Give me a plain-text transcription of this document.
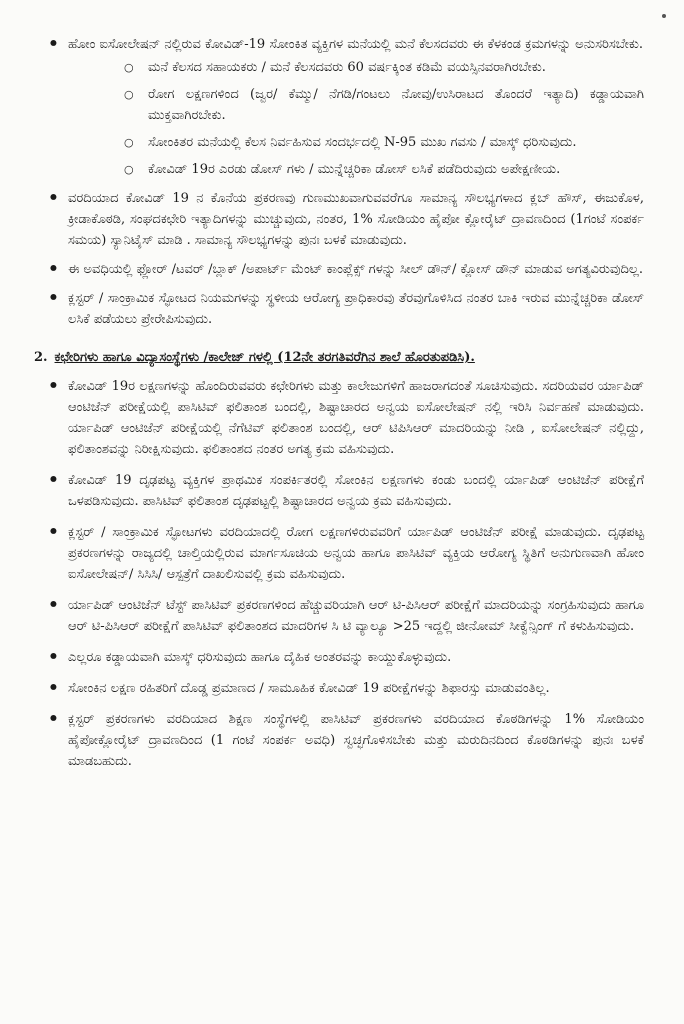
• ಹೋಂ ಐಸೋಲೇಷನ್ ನಲ್ಲಿರುವ ಕೋವಿಡ್-19 ಸೋಂಕಿತ ವ್ಯಕ್ತಿಗಳ ಮನೆಯಲ್ಲಿ ಮನೆ ಕೆಲಸದವರು ಈ ಕೆಳಕಂಡ ಕ್ರಮಗಳನ್ನು ಅನುಸರಿಸಬೇಕು.
○ ಮನೆ ಕೆಲಸದ ಸಹಾಯಕರು / ಮನೆ ಕೆಲಸದವರು 60 ವರ್ಷಕ್ಕಿಂತ ಕಡಿಮೆ ವಯಸ್ಸಿನವರಾಗಿರಬೇಕು.
○ ರೋಗ ಲಕ್ಷಣಗಳಿಂದ (ಜ್ವರ/ ಕೆಮ್ಮು/ ನೆಗಡಿ/ಗಂಟಲು ನೋವು/ಉಸಿರಾಟದ ತೊಂದರೆ ಇತ್ಯಾದಿ) ಕಡ್ಡಾಯವಾಗಿ ಮುಕ್ತವಾಗಿರಬೇಕು.
○ ಸೋಂಕಿತರ ಮನೆಯಲ್ಲಿ ಕೆಲಸ ನಿರ್ವಹಿಸುವ ಸಂದರ್ಭದಲ್ಲಿ N-95 ಮುಖ ಗವಸು / ಮಾಸ್ಕ್ ಧರಿಸುವುದು.
○ ಕೋವಿಡ್ 19ರ ಎರಡು ಡೋಸ್ ಗಳು / ಮುನ್ನೆಚ್ಚರಿಕಾ ಡೋಸ್ ಲಸಿಕೆ ಪಡೆದಿರುವುದು ಅಪೇಕ್ಷಣೀಯ.
• ವರದಿಯಾದ ಕೋವಿಡ್ 19 ನ ಕೊನೆಯ ಪ್ರಕರಣವು ಗುಣಮುಖವಾಗುವವರೆಗೂ ಸಾಮಾನ್ಯ ಸೌಲಭ್ಯಗಳಾದ ಕ್ಲಬ್ ಹೌಸ್, ಈಜುಕೊಳ, ಕ್ರೀಡಾಕೊಠಡಿ, ಸಂಘದಕಛೇರಿ ಇತ್ಯಾದಿಗಳನ್ನು ಮುಚ್ಚುವುದು, ನಂತರ, 1% ಸೋಡಿಯಂ ಹೈಪೋ ಕ್ಲೋರೈಟ್ ದ್ರಾವಣದಿಂದ (1ಗಂಟೆ ಸಂಪರ್ಕ ಸಮಯ) ಸ್ಯಾನಿಟೈಸ್ ಮಾಡಿ . ಸಾಮಾನ್ಯ ಸೌಲಭ್ಯಗಳನ್ನು ಪುನಃ ಬಳಕೆ ಮಾಡುವುದು.
• ಈ ಅವಧಿಯಲ್ಲಿ ಫ್ಲೋರ್ /ಟವರ್ /ಬ್ಲಾಕ್ /ಅಪಾರ್ಟ್ ಮೆಂಟ್ ಕಾಂಪ್ಲೆಕ್ಸ್ ಗಳನ್ನು ಸೀಲ್ ಡೌನ್/ ಕ್ಲೋಸ್ ಡೌನ್ ಮಾಡುವ ಅಗತ್ಯವಿರುವುದಿಲ್ಲ.
• ಕ್ಲಸ್ಟರ್ / ಸಾಂಕ್ರಾಮಿಕ ಸ್ಫೋಟದ ನಿಯಮಗಳನ್ನು ಸ್ಥಳೀಯ ಆರೋಗ್ಯ ಪ್ರಾಧಿಕಾರವು ತೆರವುಗೊಳಿಸಿದ ನಂತರ ಬಾಕಿ ಇರುವ ಮುನ್ನೆಚ್ಚರಿಕಾ ಡೋಸ್ ಲಸಿಕೆ ಪಡೆಯಲು ಪ್ರೇರೇಪಿಸುವುದು.
2. ಕಛೇರಿಗಳು ಹಾಗೂ ವಿದ್ಯಾಸಂಸ್ಥೆಗಳು /ಕಾಲೇಜ್ ಗಳಲ್ಲಿ (12ನೇ ತರಗತಿವರೆಗಿನ ಶಾಲೆ ಹೊರತುಪಡಿಸಿ).
• ಕೋವಿಡ್ 19ರ ಲಕ್ಷಣಗಳನ್ನು ಹೊಂದಿರುವವರು ಕಛೇರಿಗಳು ಮತ್ತು ಕಾಲೇಜುಗಳಿಗೆ ಹಾಜರಾಗದಂತೆ ಸೂಚಿಸುವುದು. ಸದರಿಯವರ ರ್ಯಾಪಿಡ್ ಆಂಟಿಜೆನ್ ಪರೀಕ್ಷೆಯಲ್ಲಿ ಪಾಸಿಟಿವ್ ಫಲಿತಾಂಶ ಬಂದಲ್ಲಿ, ಶಿಷ್ಟಾಚಾರದ ಅನ್ವಯ ಐಸೋಲೇಷನ್ ನಲ್ಲಿ ಇರಿಸಿ ನಿರ್ವಹಣೆ ಮಾಡುವುದು. ರ್ಯಾಪಿಡ್ ಆಂಟಿಜೆನ್ ಪರೀಕ್ಷೆಯಲ್ಲಿ ನೆಗೆಟಿವ್ ಫಲಿತಾಂಶ ಬಂದಲ್ಲಿ, ಆರ್ ಟಿಪಿಸಿಆರ್ ಮಾದರಿಯನ್ನು ನೀಡಿ , ಐಸೋಲೇಷನ್ ನಲ್ಲಿದ್ದು, ಫಲಿತಾಂಶವನ್ನು ನಿರೀಕ್ಷಿಸುವುದು. ಫಲಿತಾಂಶದ ನಂತರ ಅಗತ್ಯ ಕ್ರಮ ವಹಿಸುವುದು.
• ಕೋವಿಡ್ 19 ದೃಢಪಟ್ಟ ವ್ಯಕ್ತಿಗಳ ಪ್ರಾಥಮಿಕ ಸಂಪರ್ಕಿತರಲ್ಲಿ ಸೋಂಕಿನ ಲಕ್ಷಣಗಳು ಕಂಡು ಬಂದಲ್ಲಿ ರ್ಯಾಪಿಡ್ ಆಂಟಿಜೆನ್ ಪರೀಕ್ಷೆಗೆ ಒಳಪಡಿಸುವುದು. ಪಾಸಿಟಿವ್ ಫಲಿತಾಂಶ ದೃಢಪಟ್ಟಲ್ಲಿ ಶಿಷ್ಟಾಚಾರದ ಅನ್ವಯ ಕ್ರಮ ವಹಿಸುವುದು.
• ಕ್ಲಸ್ಟರ್ / ಸಾಂಕ್ರಾಮಿಕ ಸ್ಫೋಟಗಳು ವರದಿಯಾದಲ್ಲಿ ರೋಗ ಲಕ್ಷಣಗಳಿರುವವರಿಗೆ ರ್ಯಾಪಿಡ್ ಆಂಟಿಜೆನ್ ಪರೀಕ್ಷೆ ಮಾಡುವುದು. ದೃಢಪಟ್ಟ ಪ್ರಕರಣಗಳನ್ನು ರಾಜ್ಯದಲ್ಲಿ ಚಾಲ್ತಿಯಲ್ಲಿರುವ ಮಾರ್ಗಸೂಚಿಯ ಅನ್ವಯ ಹಾಗೂ ಪಾಸಿಟಿವ್ ವ್ಯಕ್ತಿಯ ಆರೋಗ್ಯ ಸ್ಥಿತಿಗೆ ಅನುಗುಣವಾಗಿ ಹೋಂ ಐಸೋಲೇಷನ್/ ಸಿಸಿಸಿ/ ಆಸ್ಪತ್ರೆಗೆ ದಾಖಲಿಸುವಲ್ಲಿ ಕ್ರಮ ವಹಿಸುವುದು.
• ರ್ಯಾಪಿಡ್ ಆಂಟಿಜೆನ್ ಟೆಸ್ಟ್ ಪಾಸಿಟಿವ್ ಪ್ರಕರಣಗಳಿಂದ ಹೆಚ್ಚುವರಿಯಾಗಿ ಆರ್ ಟಿ-ಪಿಸಿಆರ್ ಪರೀಕ್ಷೆಗೆ ಮಾದರಿಯನ್ನು ಸಂಗ್ರಹಿಸುವುದು ಹಾಗೂ ಆರ್ ಟಿ-ಪಿಸಿಆರ್ ಪರೀಕ್ಷೆಗೆ ಪಾಸಿಟಿವ್ ಫಲಿತಾಂಶದ ಮಾದರಿಗಳ ಸಿ ಟಿ ವ್ಯಾಲ್ಯೂ >25 ಇದ್ದಲ್ಲಿ ಜೀನೋಮ್ ಸೀಕ್ವೆನ್ಸಿಂಗ್ ಗೆ ಕಳುಹಿಸುವುದು.
• ಎಲ್ಲರೂ ಕಡ್ಡಾಯವಾಗಿ ಮಾಸ್ಕ್ ಧರಿಸುವುದು ಹಾಗೂ ದೈಹಿಕ ಅಂತರವನ್ನು ಕಾಯ್ದುಕೊಳ್ಳುವುದು.
• ಸೋಂಕಿನ ಲಕ್ಷಣ ರಹಿತರಿಗೆ ದೊಡ್ಡ ಪ್ರಮಾಣದ / ಸಾಮೂಹಿಕ ಕೋವಿಡ್ 19 ಪರೀಕ್ಷೆಗಳನ್ನು ಶಿಫಾರಸ್ಸು ಮಾಡುವಂತಿಲ್ಲ.
• ಕ್ಲಸ್ಟರ್ ಪ್ರಕರಣಗಳು ವರದಿಯಾದ ಶಿಕ್ಷಣ ಸಂಸ್ಥೆಗಳಲ್ಲಿ ಪಾಸಿಟಿವ್ ಪ್ರಕರಣಗಳು ವರದಿಯಾದ ಕೊಠಡಿಗಳನ್ನು 1% ಸೋಡಿಯಂ ಹೈಪೋಕ್ಲೋರೈಟ್ ದ್ರಾವಣದಿಂದ (1 ಗಂಟೆ ಸಂಪರ್ಕ ಅವಧಿ) ಸ್ವಚ್ಛಗೊಳಿಸಬೇಕು ಮತ್ತು ಮರುದಿನದಿಂದ ಕೊಠಡಿಗಳನ್ನು ಪುನಃ ಬಳಕೆ ಮಾಡಬಹುದು.
